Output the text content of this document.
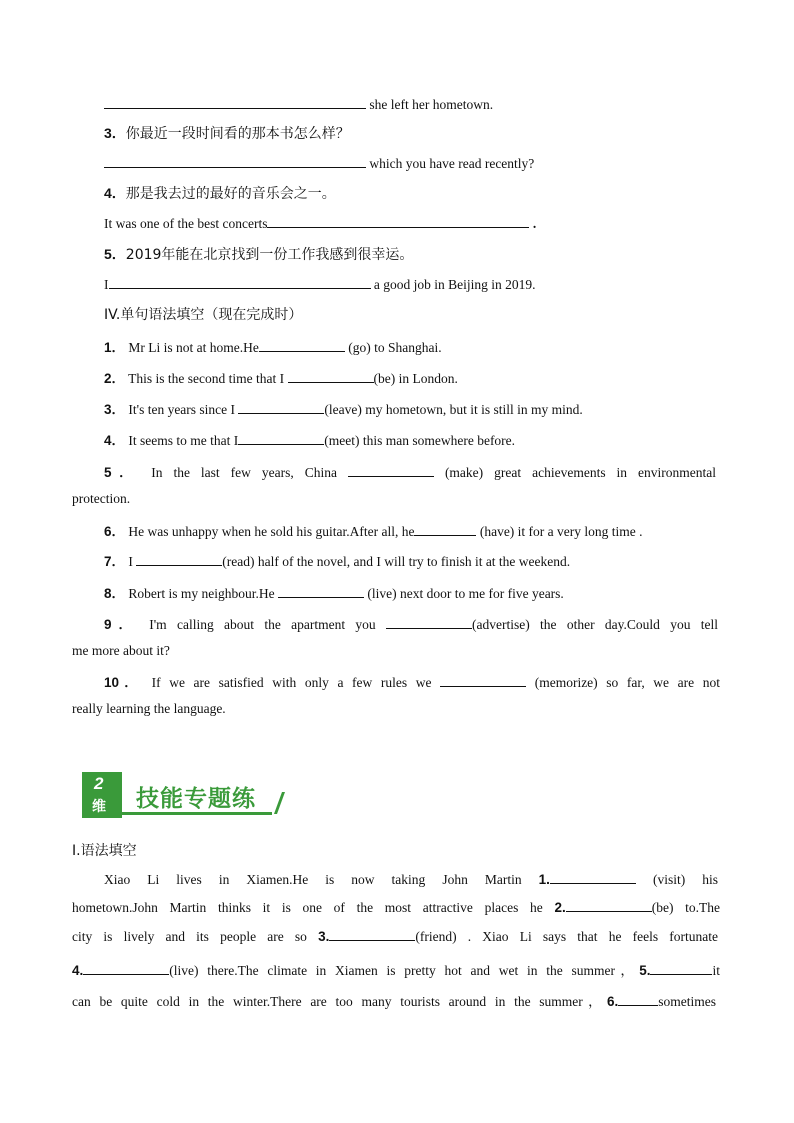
she left her hometown.
3．你最近一段时间看的那本书怎么样？
which you have read recently?
4．那是我去过的最好的音乐会之一。
It was one of the best concerts	.
5．2019年能在北京找到一份工作我感到很幸运。
I	a good job in Beijing in 2019.
IV.单句语法填空（现在完成时）
1． Mr Li is not at home.He	(go) to Shanghai.
2． This is the second time that I	(be) in London.
3． It's ten years since I	(leave) my hometown, but it is still in my mind.
4． It seems to me that I	(meet) this man somewhere before.
5． In the last few years, China	(make) great achievements in environmental
protection.
6． He was unhappy when he sold his guitar.After all, he	(have) it for a very long time .
7． I	(read) half of the novel, and I will try to finish it at the weekend.
8． Robert is my neighbour.He	(live) next door to me for five years.
9． I'm calling about the apartment you	(advertise) the other day.Could you tell
me more about it?
10． If we are satisfied with only a few rules we	(memorize) so far, we are not
really learning the language.
2
维 技能专题练
I.语法填空
Xiao Li lives in Xiamen.He is now taking John Martin 1.	(visit) his
hometown.John Martin thinks it is one of the most attractive places he 2.	(be) to.The
city is lively and its people are so 3.	(friend) . Xiao Li says that he feels fortunate
4.	(live) there.The climate in Xiamen is pretty hot and wet in the summer，5.	it
can be quite cold in the winter.There are too many tourists around in the summer，6.	sometimes
